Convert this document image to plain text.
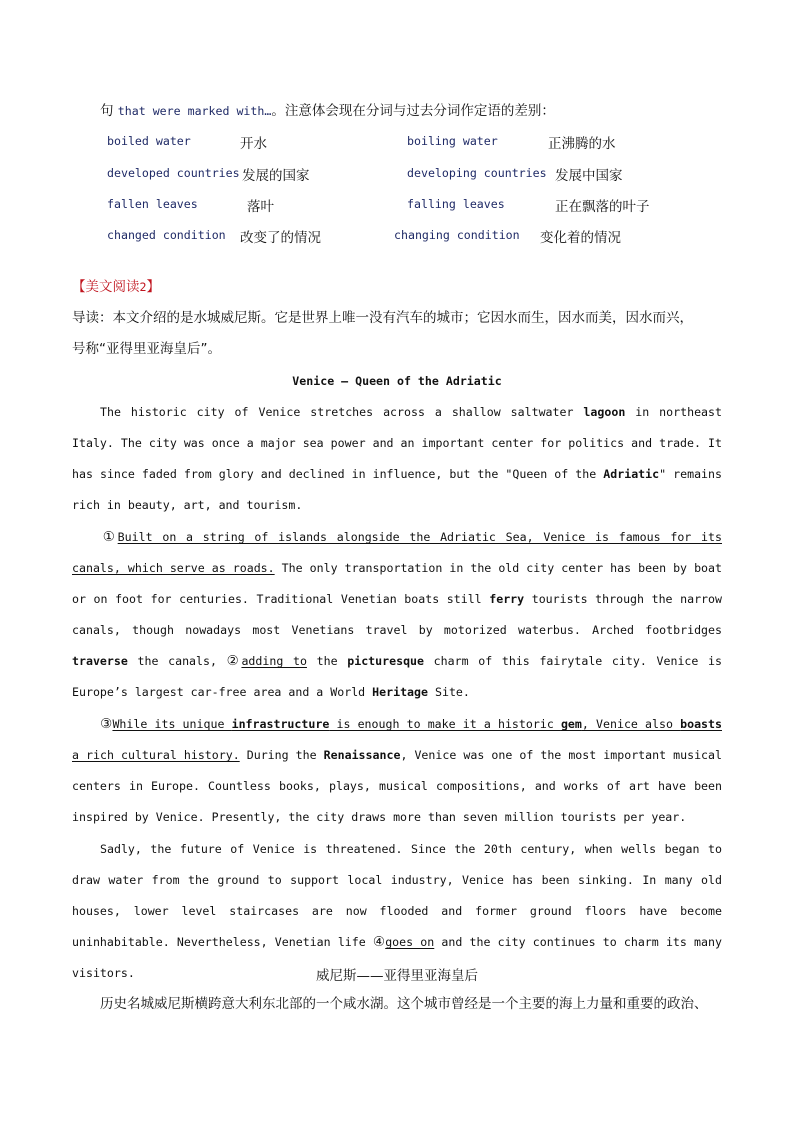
句 that were marked with…。注意体会现在分词与过去分词作定语的差别：
boiled water	开水	boiling water	正沸腾的水
developed countries 发展的国家	developing countries 发展中国家
fallen leaves	落叶	falling leaves	正在飘落的叶子
changed condition 改变了的情况	changing condition 变化着的情况
【美文阅读2】
导读：本文介绍的是水城威尼斯。它是世界上唯一没有汽车的城市；它因水而生，因水而美，因水而兴，
号称“亚得里亚海皇后”。
Venice — Queen of the Adriatic
The historic city of Venice stretches across a shallow saltwater lagoon in northeast Italy. The city was once a major sea power and an important center for politics and trade. It has since faded from glory and declined in influence, but the "Queen of the Adriatic" remains rich in beauty, art, and tourism.
①Built on a string of islands alongside the Adriatic Sea, Venice is famous for its canals, which serve as roads. The only transportation in the old city center has been by boat or on foot for centuries. Traditional Venetian boats still ferry tourists through the narrow canals, though nowadays most Venetians travel by motorized waterbus. Arched footbridges traverse the canals, ②adding to the picturesque charm of this fairytale city. Venice is Europe’s largest car-free area and a World Heritage Site.
③While its unique infrastructure is enough to make it a historic gem, Venice also boasts a rich cultural history. During the Renaissance, Venice was one of the most important musical centers in Europe. Countless books, plays, musical compositions, and works of art have been inspired by Venice. Presently, the city draws more than seven million tourists per year.
Sadly, the future of Venice is threatened. Since the 20th century, when wells began to draw water from the ground to support local industry, Venice has been sinking. In many old houses, lower level staircases are now flooded and former ground floors have become uninhabitable. Nevertheless, Venetian life ④goes on and the city continues to charm its many visitors.	威尼斯——亚得里亚海皇后
历史名城威尼斯横跨意大利东北部的一个咸水湖。这个城市曾经是一个主要的海上力量和重要的政治、
